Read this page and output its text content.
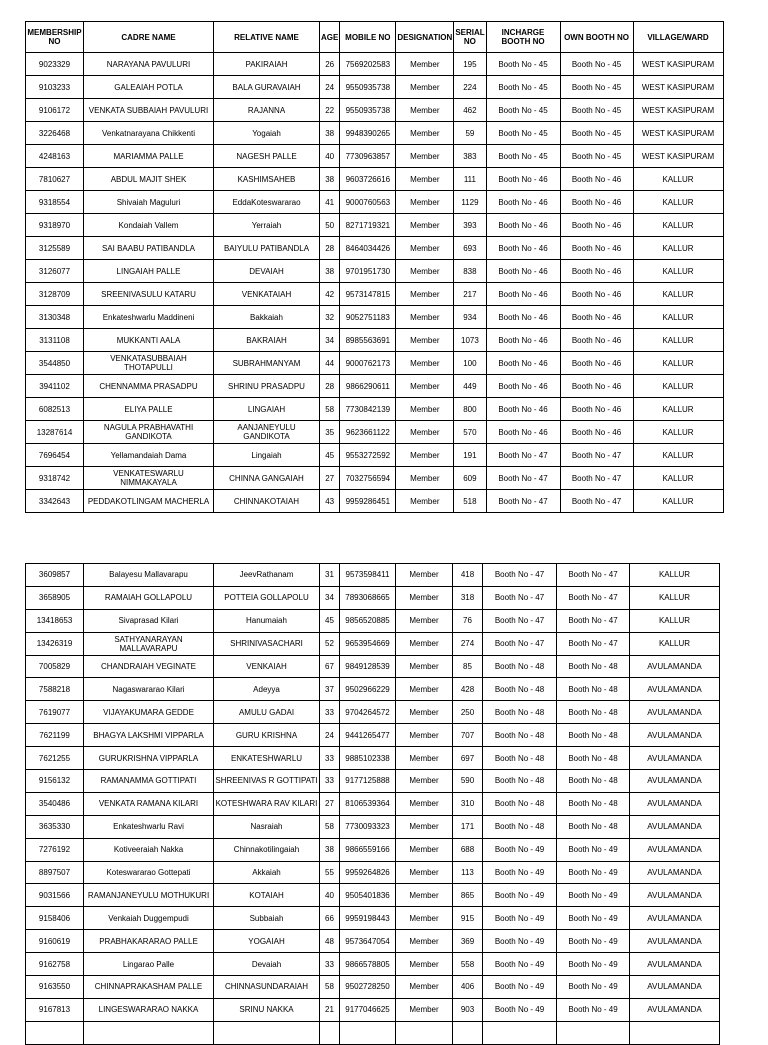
MEMBERSHIP NO	CADRE NAME	RELATIVE NAME	AGE	MOBILE NO	DESIGNATION	SERIAL NO	INCHARGE BOOTH NO	OWN BOOTH NO	VILLAGE/WARD
9023329	NARAYANA PAVULURI	PAKIRAIAH	26	7569202583	Member	195	Booth No - 45	Booth No - 45	WEST KASIPURAM
9103233	GALEAIAH POTLA	BALA GURAVAIAH	24	9550935738	Member	224	Booth No - 45	Booth No - 45	WEST KASIPURAM
9106172	VENKATA SUBBAIAH PAVULURI	RAJANNA	22	9550935738	Member	462	Booth No - 45	Booth No - 45	WEST KASIPURAM
3226468	Venkatnarayana Chikkenti	Yogaiah	38	9948390265	Member	59	Booth No - 45	Booth No - 45	WEST KASIPURAM
4248163	MARIAMMA PALLE	NAGESH PALLE	40	7730963857	Member	383	Booth No - 45	Booth No - 45	WEST KASIPURAM
7810627	ABDUL MAJIT SHEK	KASHIMSAHEB	38	9603726616	Member	111	Booth No - 46	Booth No - 46	KALLUR
9318554	Shivaiah Maguluri	EddaKoteswararao	41	9000760563	Member	1129	Booth No - 46	Booth No - 46	KALLUR
9318970	Kondaiah Vallem	Yerraiah	50	8271719321	Member	393	Booth No - 46	Booth No - 46	KALLUR
3125589	SAI BAABU PATIBANDLA	BAIYULU PATIBANDLA	28	8464034426	Member	693	Booth No - 46	Booth No - 46	KALLUR
3126077	LINGAIAH PALLE	DEVAIAH	38	9701951730	Member	838	Booth No - 46	Booth No - 46	KALLUR
3128709	SREENIVASULU KATARU	VENKATAIAH	42	9573147815	Member	217	Booth No - 46	Booth No - 46	KALLUR
3130348	Enkateshwarlu Maddineni	Bakkaiah	32	9052751183	Member	934	Booth No - 46	Booth No - 46	KALLUR
3131108	MUKKANTI AALA	BAKRAIAH	34	8985563691	Member	1073	Booth No - 46	Booth No - 46	KALLUR
3544850	VENKATASUBBAIAH THOTAPULLI	SUBRAHMANYAM	44	9000762173	Member	100	Booth No - 46	Booth No - 46	KALLUR
3941102	CHENNAMMA PRASADPU	SHRINU PRASADPU	28	9866290611	Member	449	Booth No - 46	Booth No - 46	KALLUR
6082513	ELIYA PALLE	LINGAIAH	58	7730842139	Member	800	Booth No - 46	Booth No - 46	KALLUR
13287614	NAGULA PRABHAVATHI GANDIKOTA	AANJANEYULU GANDIKOTA	35	9623661122	Member	570	Booth No - 46	Booth No - 46	KALLUR
7696454	Yellamandaiah Dama	Lingaiah	45	9553272592	Member	191	Booth No - 47	Booth No - 47	KALLUR
9318742	VENKATESWARLU NIMMAKAYALA	CHINNA GANGAIAH	27	7032756594	Member	609	Booth No - 47	Booth No - 47	KALLUR
3342643	PEDDAKOTLINGAM MACHERLA	CHINNAKOTAIAH	43	9959286451	Member	518	Booth No - 47	Booth No - 47	KALLUR
3609857	Balayesu Mallavarapu	JeevRathanam	31	9573598411	Member	418	Booth No - 47	Booth No - 47	KALLUR
3658905	RAMAIAH GOLLAPOLU	POTTEIA GOLLAPOLU	34	7893068665	Member	318	Booth No - 47	Booth No - 47	KALLUR
13418653	Sivaprasad Kilari	Hanumaiah	45	9856520885	Member	76	Booth No - 47	Booth No - 47	KALLUR
13426319	SATHYANARAYAN MALLAVARAPU	SHRINIVASACHARI	52	9653954669	Member	274	Booth No - 47	Booth No - 47	KALLUR
7005829	CHANDRAIAH VEGINATE	VENKAIAH	67	9849128539	Member	85	Booth No - 48	Booth No - 48	AVULAMANDA
7588218	Nagaswararao Kilari	Adeyya	37	9502966229	Member	428	Booth No - 48	Booth No - 48	AVULAMANDA
7619077	VIJAYAKUMARA GEDDE	AMULU GADAI	33	9704264572	Member	250	Booth No - 48	Booth No - 48	AVULAMANDA
7621199	BHAGYA LAKSHMI VIPPARLA	GURU KRISHNA	24	9441265477	Member	707	Booth No - 48	Booth No - 48	AVULAMANDA
7621255	GURUKRISHNA VIPPARLA	ENKATESHWARLU	33	9885102338	Member	697	Booth No - 48	Booth No - 48	AVULAMANDA
9156132	RAMANAMMA GOTTIPATI	SHREENIVAS R GOTTIPATI	33	9177125888	Member	590	Booth No - 48	Booth No - 48	AVULAMANDA
3540486	VENKATA RAMANA KILARI	KOTESHWARA RAV KILARI	27	8106539364	Member	310	Booth No - 48	Booth No - 48	AVULAMANDA
3635330	Enkateshwarlu Ravi	Nasraiah	58	7730093323	Member	171	Booth No - 48	Booth No - 48	AVULAMANDA
7276192	Kotiveeraiah Nakka	Chinnakotilingaiah	38	9866559166	Member	688	Booth No - 49	Booth No - 49	AVULAMANDA
8897507	Koteswararao Gottepati	Akkaiah	55	9959264826	Member	113	Booth No - 49	Booth No - 49	AVULAMANDA
9031566	RAMANJANEYULU MOTHUKURI	KOTAIAH	40	9505401836	Member	865	Booth No - 49	Booth No - 49	AVULAMANDA
9158406	Venkaiah Duggempudi	Subbaiah	66	9959198443	Member	915	Booth No - 49	Booth No - 49	AVULAMANDA
9160619	PRABHAKARARAO PALLE	YOGAIAH	48	9573647054	Member	369	Booth No - 49	Booth No - 49	AVULAMANDA
9162758	Lingarao Palle	Devaiah	33	9866578805	Member	558	Booth No - 49	Booth No - 49	AVULAMANDA
9163550	CHINNAPRAKASHAM PALLE	CHINNASUNDARAIAH	58	9502728250	Member	406	Booth No - 49	Booth No - 49	AVULAMANDA
9167813	LINGESWARARAO NAKKA	SRINU NAKKA	21	9177046625	Member	903	Booth No - 49	Booth No - 49	AVULAMANDA
